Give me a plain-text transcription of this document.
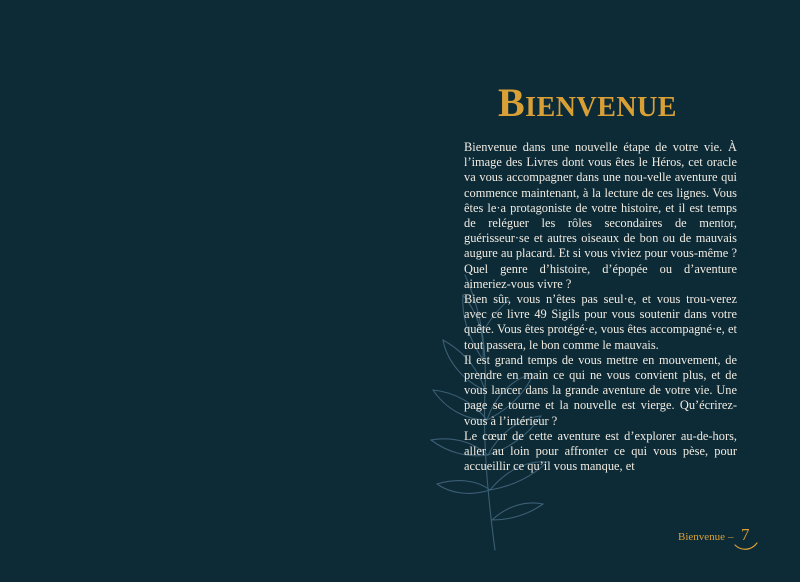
Bienvenue

Bienvenue dans une nouvelle étape de votre vie. À l’image des Livres dont vous êtes le Héros, cet oracle va vous accompagner dans une nou-velle aventure qui commence maintenant, à la lecture de ces lignes. Vous êtes le·a protagoniste de votre histoire, et il est temps de reléguer les rôles secondaires de mentor, guérisseur·se et autres oiseaux de bon ou de mauvais augure au placard. Et si vous viviez pour vous-même ? Quel genre d’histoire, d’épopée ou d’aventure aimeriez-vous vivre ?

Bien sûr, vous n’êtes pas seul·e, et vous trou-verez avec ce livre 49 Sigils pour vous soutenir dans votre quête. Vous êtes protégé·e, vous êtes accompagné·e, et tout passera, le bon comme le mauvais.

Il est grand temps de vous mettre en mouvement, de prendre en main ce qui ne vous convient plus, et de vous lancer dans la grande aventure de votre vie. Une page se tourne et la nouvelle est vierge. Qu’écrirez-vous à l’intérieur ?

Le cœur de cette aventure est d’explorer au-de-hors, aller au loin pour affronter ce qui vous pèse, pour accueillir ce qu’il vous manque, et

Bienvenue – 7
